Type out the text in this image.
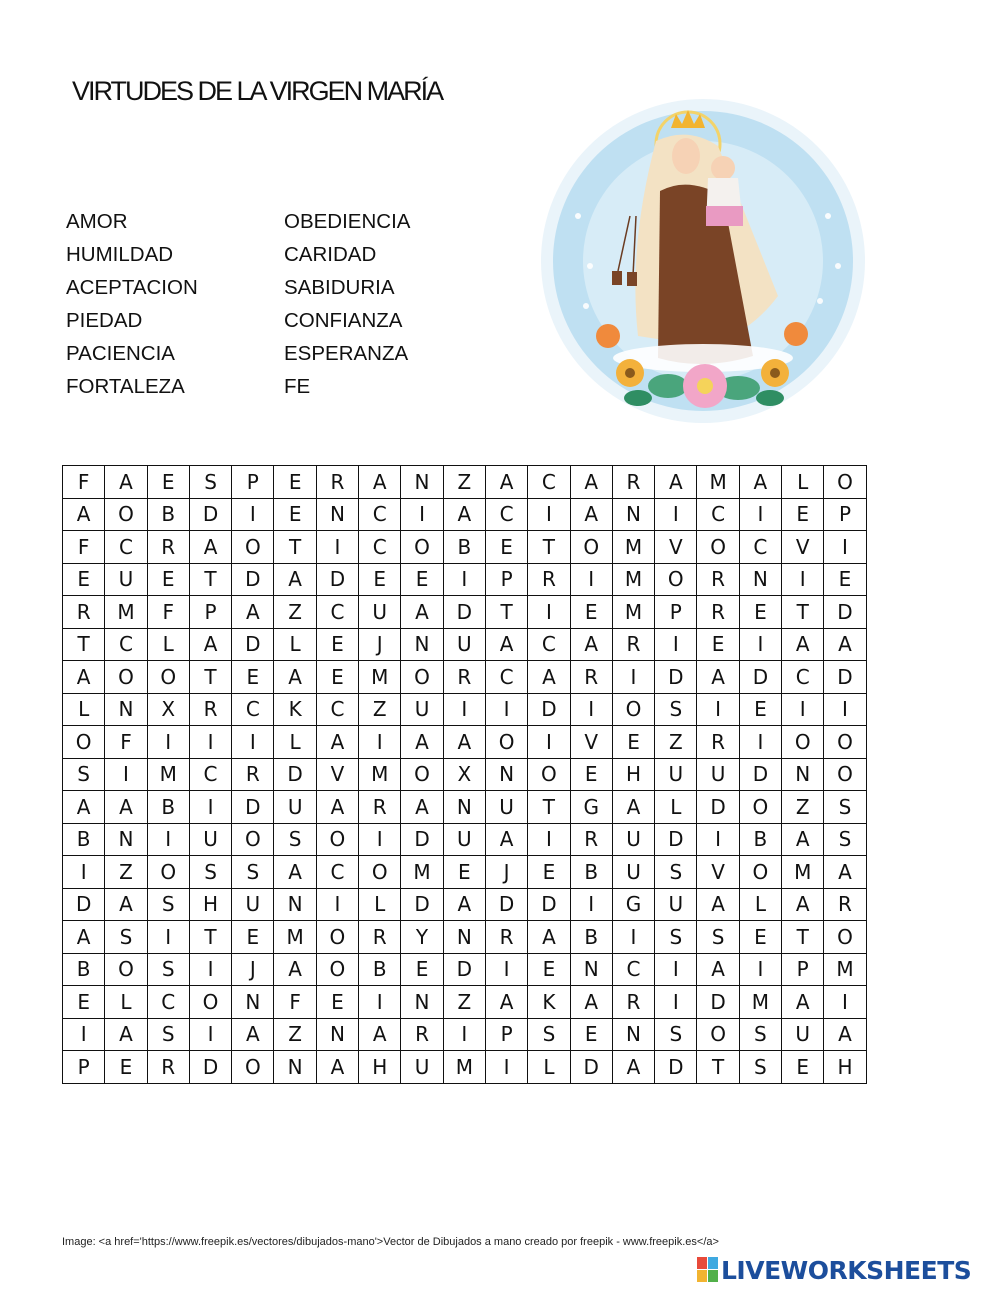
VIRTUDES DE LA VIRGEN MARÍA
AMOR	OBEDIENCIA
HUMILDAD	CARIDAD
ACEPTACION	SABIDURIA
PIEDAD	CONFIANZA
PACIENCIA	ESPERANZA
FORTALEZA	FE
F	A	E	S	P	E	R	A	N	Z	A	C	A	R	A	M	A	L	O
A	O	B	D	I	E	N	C	I	A	C	I	A	N	I	C	I	E	P
F	C	R	A	O	T	I	C	O	B	E	T	O	M	V	O	C	V	I
E	U	E	T	D	A	D	E	E	I	P	R	I	M	O	R	N	I	E
R	M	F	P	A	Z	C	U	A	D	T	I	E	M	P	R	E	T	D
T	C	L	A	D	L	E	J	N	U	A	C	A	R	I	E	I	A	A
A	O	O	T	E	A	E	M	O	R	C	A	R	I	D	A	D	C	D
L	N	X	R	C	K	C	Z	U	I	I	D	I	O	S	I	E	I	I
O	F	I	I	I	L	A	I	A	A	O	I	V	E	Z	R	I	O	O
S	I	M	C	R	D	V	M	O	X	N	O	E	H	U	U	D	N	O
A	A	B	I	D	U	A	R	A	N	U	T	G	A	L	D	O	Z	S
B	N	I	U	O	S	O	I	D	U	A	I	R	U	D	I	B	A	S
I	Z	O	S	S	A	C	O	M	E	J	E	B	U	S	V	O	M	A
D	A	S	H	U	N	I	L	D	A	D	D	I	G	U	A	L	A	R
A	S	I	T	E	M	O	R	Y	N	R	A	B	I	S	S	E	T	O
B	O	S	I	J	A	O	B	E	D	I	E	N	C	I	A	I	P	M
E	L	C	O	N	F	E	I	N	Z	A	K	A	R	I	D	M	A	I
I	A	S	I	A	Z	N	A	R	I	P	S	E	N	S	O	S	U	A
P	E	R	D	O	N	A	H	U	M	I	L	D	A	D	T	S	E	H
Image: <a href='https://www.freepik.es/vectores/dibujados-mano'>Vector de Dibujados a mano creado por freepik - www.freepik.es</a>
LIVEWORKSHEETS
